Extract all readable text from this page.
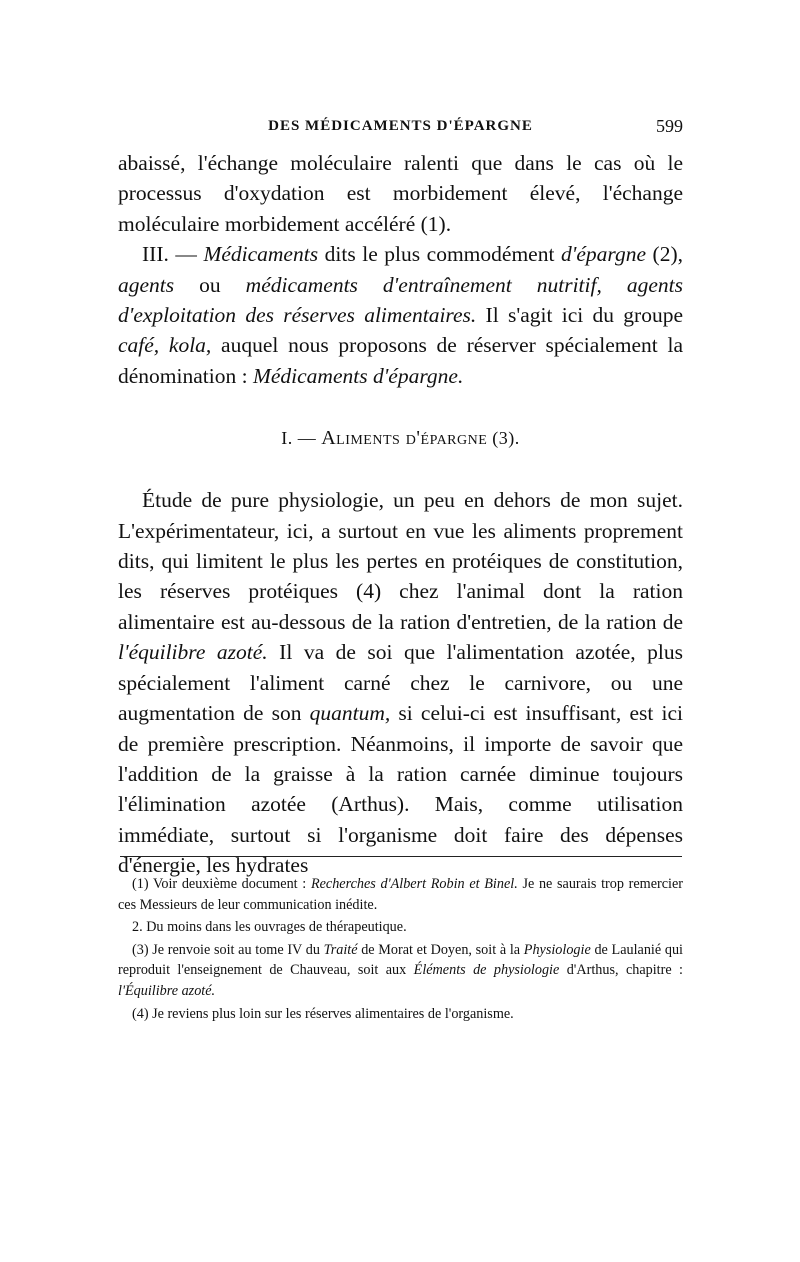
DES MÉDICAMENTS D'ÉPARGNE	599

abaissé, l'échange moléculaire ralenti que dans le cas où le processus d'oxydation est morbidement élevé, l'échange moléculaire morbidement accéléré (1).

III. — Médicaments dits le plus commodément d'épargne (2), agents ou médicaments d'entraînement nutritif, agents d'exploitation des réserves alimentaires. Il s'agit ici du groupe café, kola, auquel nous proposons de réserver spécialement la dénomination : Médicaments d'épargne.

I. — Aliments d'épargne (3).

Étude de pure physiologie, un peu en dehors de mon sujet. L'expérimentateur, ici, a surtout en vue les aliments proprement dits, qui limitent le plus les pertes en protéiques de constitution, les réserves protéiques (4) chez l'animal dont la ration alimentaire est au-dessous de la ration d'entretien, de la ration de l'équilibre azoté. Il va de soi que l'alimentation azotée, plus spécialement l'aliment carné chez le carnivore, ou une augmentation de son quantum, si celui-ci est insuffisant, est ici de première prescription. Néanmoins, il importe de savoir que l'addition de la graisse à la ration carnée diminue toujours l'élimination azotée (Arthus). Mais, comme utilisation immédiate, surtout si l'organisme doit faire des dépenses d'énergie, les hydrates

(1) Voir deuxième document : Recherches d'Albert Robin et Binel. Je ne saurais trop remercier ces Messieurs de leur communication inédite.

2. Du moins dans les ouvrages de thérapeutique.

(3) Je renvoie soit au tome IV du Traité de Morat et Doyen, soit à la Physiologie de Laulanié qui reproduit l'enseignement de Chauveau, soit aux Éléments de physiologie d'Arthus, chapitre : l'Équilibre azoté.

(4) Je reviens plus loin sur les réserves alimentaires de l'organisme.
